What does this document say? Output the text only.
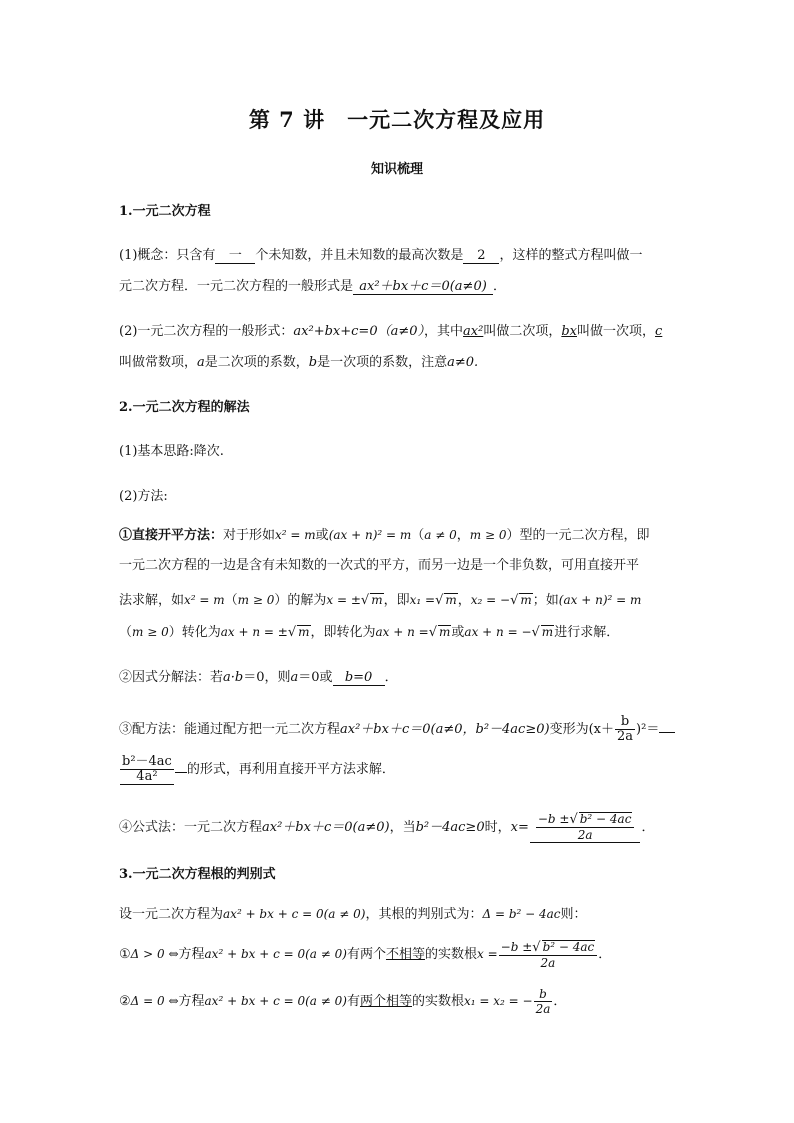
第 7 讲　一元二次方程及应用
知识梳理
1.一元二次方程
(1)概念：只含有 一 个未知数，并且未知数的最高次数是 2 ，这样的整式方程叫做一
元二次方程．一元二次方程的一般形式是 ax²＋bx＋c＝0(a≠0) ．
(2)一元二次方程的一般形式：ax²+bx+c=0（a≠0），其中ax²叫做二次项，bx叫做一次项，c
叫做常数项，a是二次项的系数，b是一次项的系数，注意a≠0.
2.一元二次方程的解法
(1)基本思路:降次.
(2)方法:
①直接开平方法：对于形如x² = m或(ax + n)² = m（a ≠ 0，m ≥ 0）型的一元二次方程，即
一元二次方程的一边是含有未知数的一次式的平方，而另一边是一个非负数，可用直接开平
法求解，如x² = m（m ≥ 0）的解为x = ±√ m，即x₁ =√ m，x₂ = −√ m；如(ax + n)² = m
（m ≥ 0）转化为ax + n = ±√ m，即转化为ax + n =√ m或ax + n = −√ m进行求解．
②因式分解法：若a·b＝0，则a＝0或 b=0 ．
③配方法：能通过配方把一元二次方程ax²＋bx＋c＝0(a≠0，b²－4ac≥0)变形为$(x+ \frac{b}{2a} )^2=$
$\frac{\text{b²－4ac}}{\text{4a²}}$ 的形式，再利用直接开平方法求解．
④公式法：一元二次方程ax²＋bx＋c＝0(a≠0)，当b²－4ac≥0时，$x= \frac{\text{−b ±√ b² − 4ac}}{2a}$ ．
3.一元二次方程根的判别式
设一元二次方程为ax² + bx + c = 0(a ≠ 0)，其根的判别式为：Δ = b² − 4ac则：
①Δ > 0 ⇔方程ax² + bx + c = 0(a ≠ 0)有两个不相等的实数根$x = \frac{\text{−b ±√ b² − 4ac}}{2a}$ ．
②Δ = 0 ⇔方程ax² + bx + c = 0(a ≠ 0)有两个相等的实数根x₁ = x₂ = − $\frac{b}{2a}$ ．
